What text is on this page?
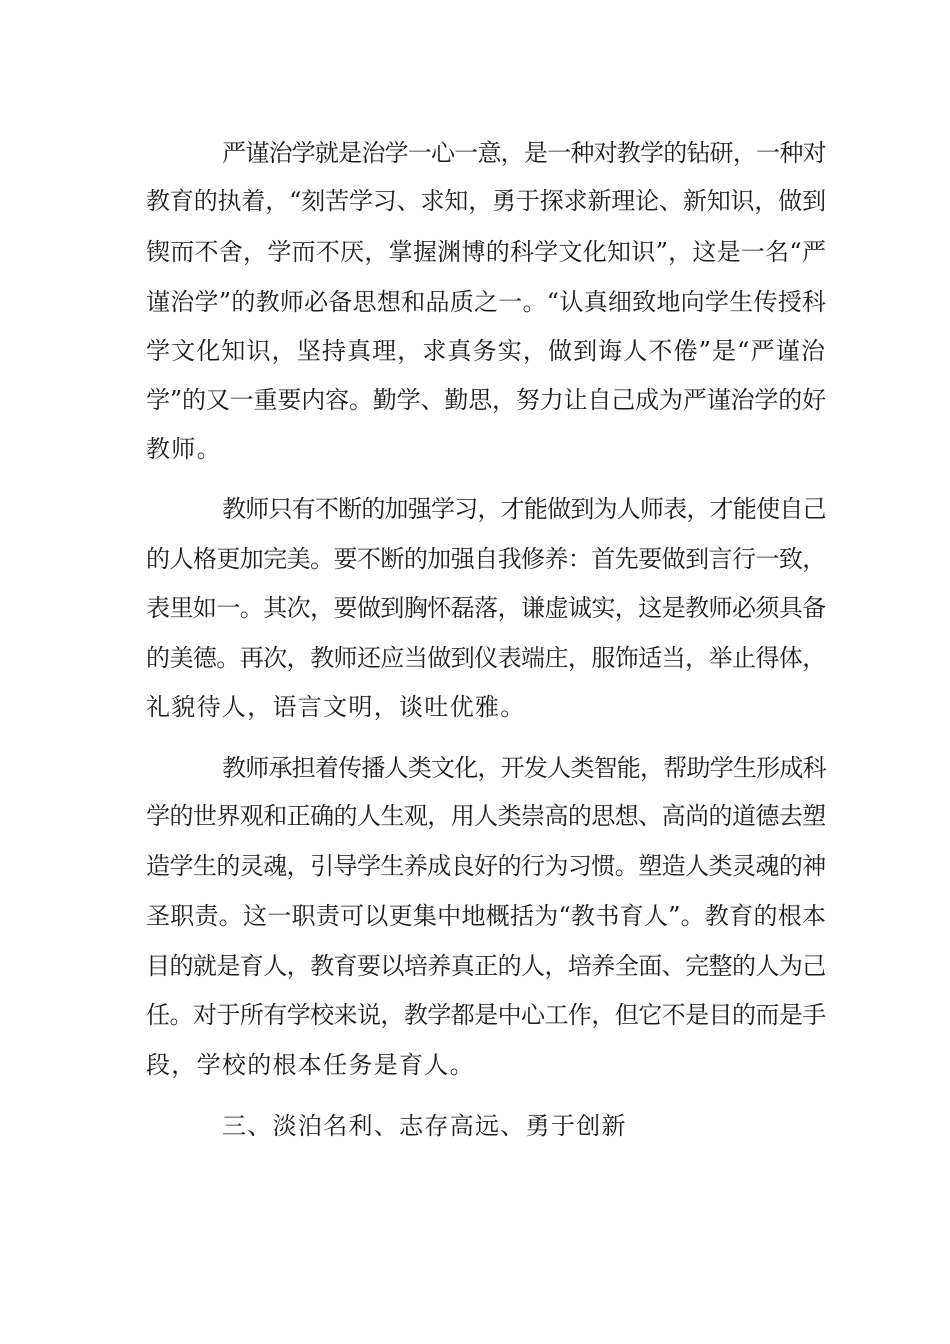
严谨治学就是治学一心一意，是一种对教学的钻研，一种对
教育的执着，“刻苦学习、求知，勇于探求新理论、新知识，做到
锲而不舍，学而不厌，掌握渊博的科学文化知识”，这是一名“严
谨治学”的教师必备思想和品质之一。“认真细致地向学生传授科
学文化知识，坚持真理，求真务实，做到诲人不倦”是“严谨治
学”的又一重要内容。勤学、勤思，努力让自己成为严谨治学的好
教师。
教师只有不断的加强学习，才能做到为人师表，才能使自己
的人格更加完美。要不断的加强自我修养：首先要做到言行一致，
表里如一。其次，要做到胸怀磊落，谦虚诚实，这是教师必须具备
的美德。再次，教师还应当做到仪表端庄，服饰适当，举止得体，
礼貌待人，语言文明，谈吐优雅。
教师承担着传播人类文化，开发人类智能，帮助学生形成科
学的世界观和正确的人生观，用人类崇高的思想、高尚的道德去塑
造学生的灵魂，引导学生养成良好的行为习惯。塑造人类灵魂的神
圣职责。这一职责可以更集中地概括为“教书育人”。教育的根本
目的就是育人，教育要以培养真正的人，培养全面、完整的人为己
任。对于所有学校来说，教学都是中心工作，但它不是目的而是手
段，学校的根本任务是育人。
三、淡泊名利、志存高远、勇于创新
